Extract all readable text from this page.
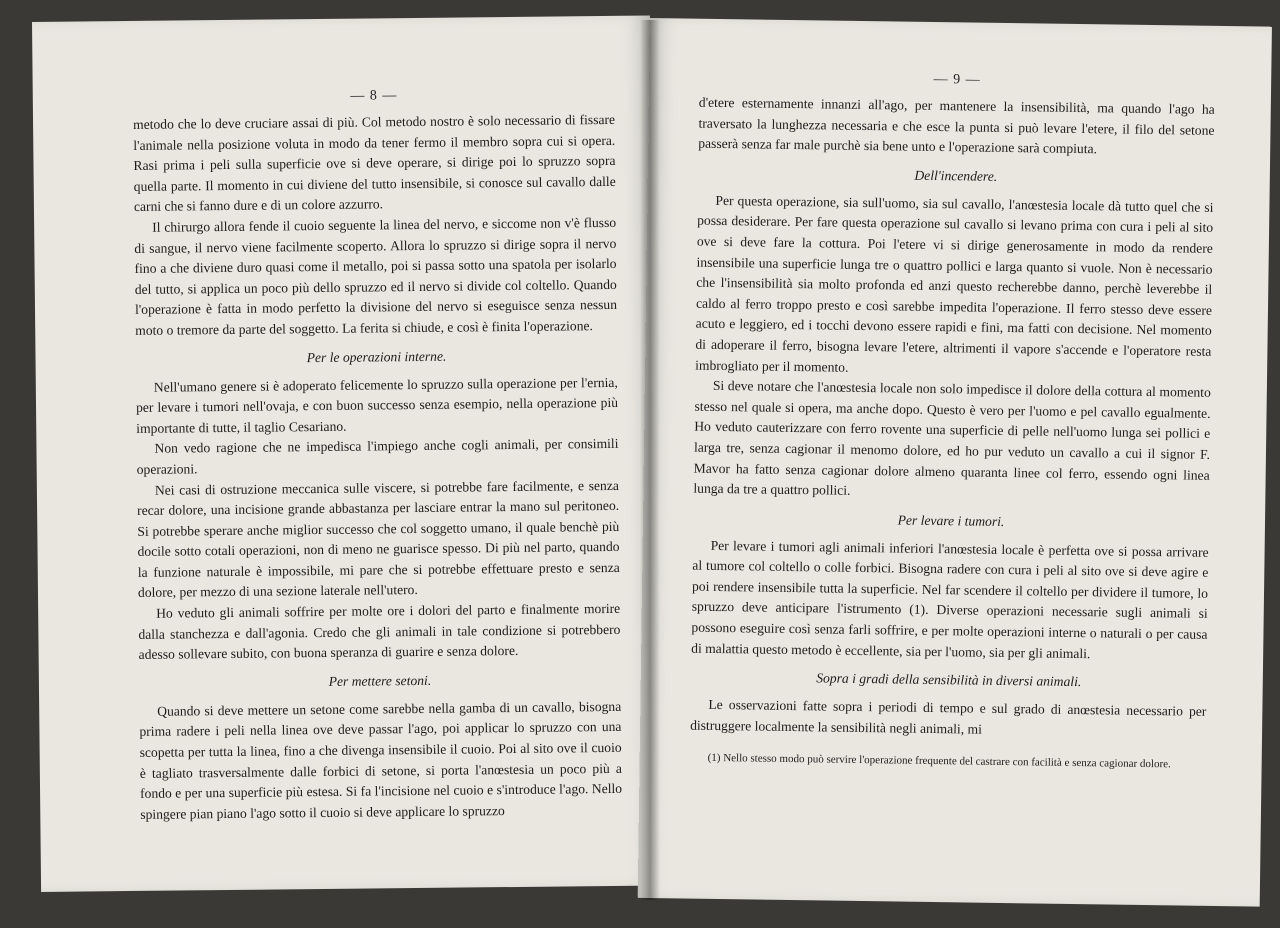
— 8 —

metodo che lo deve cruciare assai di più. Col metodo nostro è solo necessario di fissare l'animale nella posizione voluta in modo da tener fermo il membro sopra cui si opera. Rasi prima i peli sulla superficie ove si deve operare, si dirige poi lo spruzzo sopra quella parte. Il momento in cui diviene del tutto insensibile, si conosce sul cavallo dalle carni che si fanno dure e di un colore azzurro.

Il chirurgo allora fende il cuoio seguente la linea del nervo, e siccome non v'è flusso di sangue, il nervo viene facilmente scoperto. Allora lo spruzzo si dirige sopra il nervo fino a che diviene duro quasi come il metallo, poi si passa sotto una spatola per isolarlo del tutto, si applica un poco più dello spruzzo ed il nervo si divide col coltello. Quando l'operazione è fatta in modo perfetto la divisione del nervo si eseguisce senza nessun moto o tremore da parte del soggetto. La ferita si chiude, e così è finita l'operazione.

Per le operazioni interne.

Nell'umano genere si è adoperato felicemente lo spruzzo sulla operazione per l'ernia, per levare i tumori nell'ovaja, e con buon successo senza esempio, nella operazione più importante di tutte, il taglio Cesariano.

Non vedo ragione che ne impedisca l'impiego anche cogli animali, per consimili operazioni.

Nei casi di ostruzione meccanica sulle viscere, si potrebbe fare facilmente, e senza recar dolore, una incisione grande abbastanza per lasciare entrar la mano sul peritoneo. Si potrebbe sperare anche miglior successo che col soggetto umano, il quale benchè più docile sotto cotali operazioni, non di meno ne guarisce spesso. Di più nel parto, quando la funzione naturale è impossibile, mi pare che si potrebbe effettuare presto e senza dolore, per mezzo di una sezione laterale nell'utero.

Ho veduto gli animali soffrire per molte ore i dolori del parto e finalmente morire dalla stanchezza e dall'agonia. Credo che gli animali in tale condizione si potrebbero adesso sollevare subito, con buona speranza di guarire e senza dolore.

Per mettere setoni.

Quando si deve mettere un setone come sarebbe nella gamba di un cavallo, bisogna prima radere i peli nella linea ove deve passar l'ago, poi applicar lo spruzzo con una scopetta per tutta la linea, fino a che divenga insensibile il cuoio. Poi al sito ove il cuoio è tagliato trasversalmente dalle forbici di setone, si porta l'anœstesia un poco più a fondo e per una superficie più estesa. Si fa l'incisione nel cuoio e s'introduce l'ago. Nello spingere pian piano l'ago sotto il cuoio si deve applicare lo spruzzo

— 9 —

d'etere esternamente innanzi all'ago, per mantenere la insensibilità, ma quando l'ago ha traversato la lunghezza necessaria e che esce la punta si può levare l'etere, il filo del setone passerà senza far male purchè sia bene unto e l'operazione sarà compiuta.

Dell'incendere.

Per questa operazione, sia sull'uomo, sia sul cavallo, l'anœstesia locale dà tutto quel che si possa desiderare. Per fare questa operazione sul cavallo si levano prima con cura i peli al sito ove si deve fare la cottura. Poi l'etere vi si dirige generosamente in modo da rendere insensibile una superficie lunga tre o quattro pollici e larga quanto si vuole. Non è necessario che l'insensibilità sia molto profonda ed anzi questo recherebbe danno, perchè leverebbe il caldo al ferro troppo presto e così sarebbe impedita l'operazione. Il ferro stesso deve essere acuto e leggiero, ed i tocchi devono essere rapidi e fini, ma fatti con decisione. Nel momento di adoperare il ferro, bisogna levare l'etere, altrimenti il vapore s'accende e l'operatore resta imbrogliato per il momento.

Si deve notare che l'anœstesia locale non solo impedisce il dolore della cottura al momento stesso nel quale si opera, ma anche dopo. Questo è vero per l'uomo e pel cavallo egualmente. Ho veduto cauterizzare con ferro rovente una superficie di pelle nell'uomo lunga sei pollici e larga tre, senza cagionar il menomo dolore, ed ho pur veduto un cavallo a cui il signor F. Mavor ha fatto senza cagionar dolore almeno quaranta linee col ferro, essendo ogni linea lunga da tre a quattro pollici.

Per levare i tumori.

Per levare i tumori agli animali inferiori l'anœstesia locale è perfetta ove si possa arrivare al tumore col coltello o colle forbici. Bisogna radere con cura i peli al sito ove si deve agire e poi rendere insensibile tutta la superficie. Nel far scendere il coltello per dividere il tumore, lo spruzzo deve anticipare l'istrumento (1). Diverse operazioni necessarie sugli animali si possono eseguire così senza farli soffrire, e per molte operazioni interne o naturali o per causa di malattia questo metodo è eccellente, sia per l'uomo, sia per gli animali.

Sopra i gradi della sensibilità in diversi animali.

Le osservazioni fatte sopra i periodi di tempo e sul grado di anœstesia necessario per distruggere localmente la sensibilità negli animali, mi

(1) Nello stesso modo può servire l'operazione frequente del castrare con facilità e senza cagionar dolore.
